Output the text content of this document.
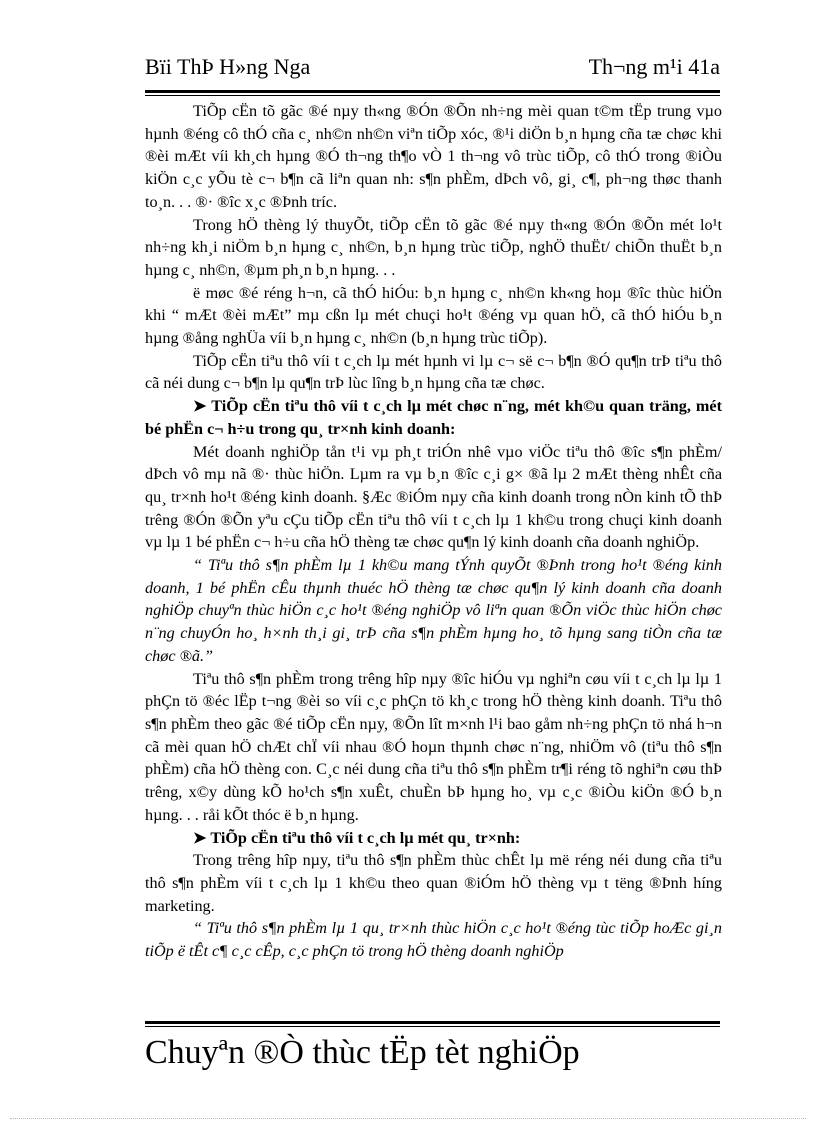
Bïi ThÞ H»ng Nga	Th¬ng m¹i 41a

TiÕp cËn tõ gãc ®é nµy th«ng ®Ón ®Õn nh÷ng mèi quan t©m tËp trung vµo hµnh ®éng cô thÓ cña c¸ nh©n nh©n viªn tiÕp xóc, ®¹i diÖn b¸n hµng cña tæ chøc khi ®èi mÆt víi kh¸ch hµng ®Ó th¬ng th¶o vÒ 1 th¬ng vô trùc tiÕp, cô thÓ trong ®iÒu kiÖn c¸c yÕu tè c¬ b¶n cã liªn quan nh: s¶n phÈm, dÞch vô, gi¸ c¶, ph¬ng thøc thanh to¸n. . . ®· ®îc x¸c ®Þnh tríc.

Trong hÖ thèng lý thuyÕt, tiÕp cËn tõ gãc ®é nµy th«ng ®Ón ®Õn mét lo¹t nh÷ng kh¸i niÖm b¸n hµng c¸ nh©n, b¸n hµng trùc tiÕp, nghÖ thuËt/ chiÕn thuËt b¸n hµng c¸ nh©n, ®µm ph¸n b¸n hµng. . .

ë møc ®é réng h¬n, cã thÓ hiÓu: b¸n hµng c¸ nh©n kh«ng hoµ ®îc thùc hiÖn khi “ mÆt ®èi mÆt” mµ cßn lµ mét chuçi ho¹t ®éng vµ quan hÖ, cã thÓ hiÓu b¸n hµng ®ång nghÜa víi b¸n hµng c¸ nh©n (b¸n hµng trùc tiÕp).

TiÕp cËn tiªu thô víi t c¸ch lµ mét hµnh vi lµ c¬ së c¬ b¶n ®Ó qu¶n trÞ tiªu thô cã néi dung c¬ b¶n lµ qu¶n trÞ lùc lîng b¸n hµng cña tæ chøc.

➤ TiÕp cËn tiªu thô víi t c¸ch lµ mét chøc n¨ng, mét kh©u quan träng, mét bé phËn c¬ h÷u trong qu¸ tr×nh kinh doanh:

Mét doanh nghiÖp tån t¹i vµ ph¸t triÓn nhê vµo viÖc tiªu thô ®îc s¶n phÈm/ dÞch vô mµ nã ®· thùc hiÖn. Lµm ra vµ b¸n ®îc c¸i g× ®ã lµ 2 mÆt thèng nhÊt cña qu¸ tr×nh ho¹t ®éng kinh doanh. §Æc ®iÓm nµy cña kinh doanh trong nÒn kinh tÕ thÞ trêng ®Ón ®Õn yªu cÇu tiÕp cËn tiªu thô víi t c¸ch lµ 1 kh©u trong chuçi kinh doanh vµ lµ 1 bé phËn c¬ h÷u cña hÖ thèng tæ chøc qu¶n lý kinh doanh cña doanh nghiÖp.

“ Tiªu thô s¶n phÈm lµ 1 kh©u mang tÝnh quyÕt ®Þnh trong ho¹t ®éng kinh doanh, 1 bé phËn cÊu thµnh thuéc hÖ thèng tæ chøc qu¶n lý kinh doanh cña doanh nghiÖp chuyªn thùc hiÖn c¸c ho¹t ®éng nghiÖp vô liªn quan ®Õn viÖc thùc hiÖn chøc n¨ng chuyÓn ho¸ h×nh th¸i gi¸ trÞ cña s¶n phÈm hµng ho¸ tõ hµng sang tiÒn cña tæ chøc ®ã.”

Tiªu thô s¶n phÈm trong trêng hîp nµy ®îc hiÓu vµ nghiªn cøu víi t c¸ch lµ lµ 1 phÇn tö ®éc lËp t¬ng ®èi so víi c¸c phÇn tö kh¸c trong hÖ thèng kinh doanh. Tiªu thô s¶n phÈm theo gãc ®é tiÕp cËn nµy, ®Õn lît m×nh l¹i bao gåm nh÷ng phÇn tö nhá h¬n cã mèi quan hÖ chÆt chÏ víi nhau ®Ó hoµn thµnh chøc n¨ng, nhiÖm vô (tiªu thô s¶n phÈm) cña hÖ thèng con. C¸c néi dung cña tiªu thô s¶n phÈm tr¶i réng tõ nghiªn cøu thÞ trêng, x©y dùng kÕ ho¹ch s¶n xuÊt, chuÈn bÞ hµng ho¸ vµ c¸c ®iÒu kiÖn ®Ó b¸n hµng. . . råi kÕt thóc ë b¸n hµng.

➤ TiÕp cËn tiªu thô víi t c¸ch lµ mét qu¸ tr×nh:

Trong trêng hîp nµy, tiªu thô s¶n phÈm thùc chÊt lµ më réng néi dung cña tiªu thô s¶n phÈm víi t c¸ch lµ 1 kh©u theo quan ®iÓm hÖ thèng vµ t tëng ®Þnh híng marketing.

“ Tiªu thô s¶n phÈm lµ 1 qu¸ tr×nh thùc hiÖn c¸c ho¹t ®éng tùc tiÕp hoÆc gi¸n tiÕp ë tÊt c¶ c¸c cÊp, c¸c phÇn tö trong hÖ thèng doanh nghiÖp

Chuyªn ®Ò thùc tËp tèt nghiÖp
